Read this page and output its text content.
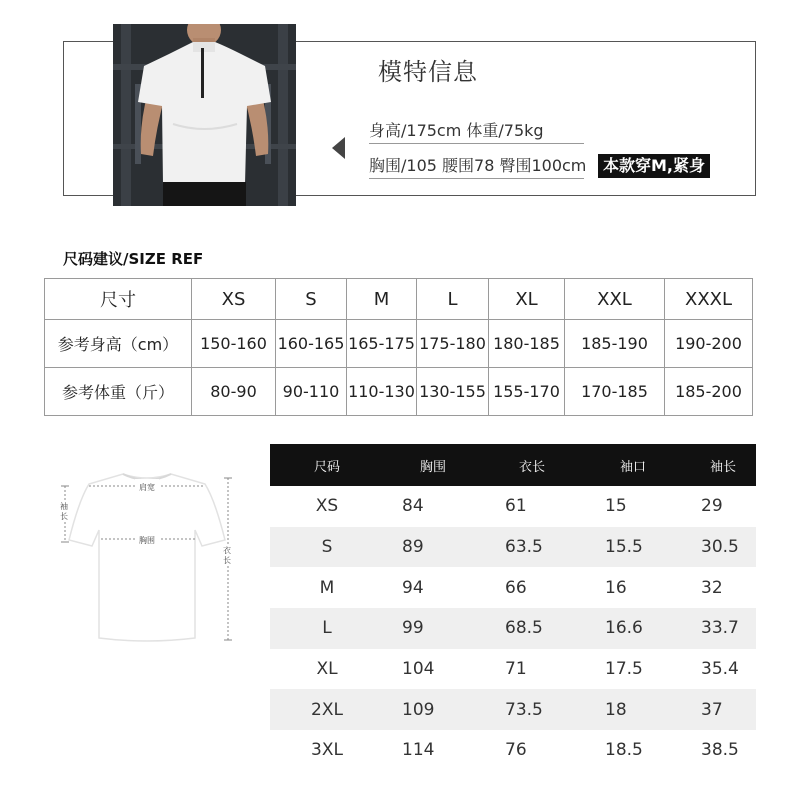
模特信息
身高/175cm 体重/75kg
胸围/105 腰围78 臀围100cm	本款穿M,紧身
尺码建议/SIZE REF
尺寸	XS	S	M	L	XL	XXL	XXXL
参考身高（cm）	150-160	160-165	165-175	175-180	180-185	185-190	190-200
参考体重（斤）	80-90	90-110	110-130	130-155	155-170	170-185	185-200
肩宽
胸围
袖 长
衣 长
尺码	胸围	衣长	袖口	袖长
XS	84	61	15	29
S	89	63.5	15.5	30.5
M	94	66	16	32
L	99	68.5	16.6	33.7
XL	104	71	17.5	35.4
2XL	109	73.5	18	37
3XL	114	76	18.5	38.5
